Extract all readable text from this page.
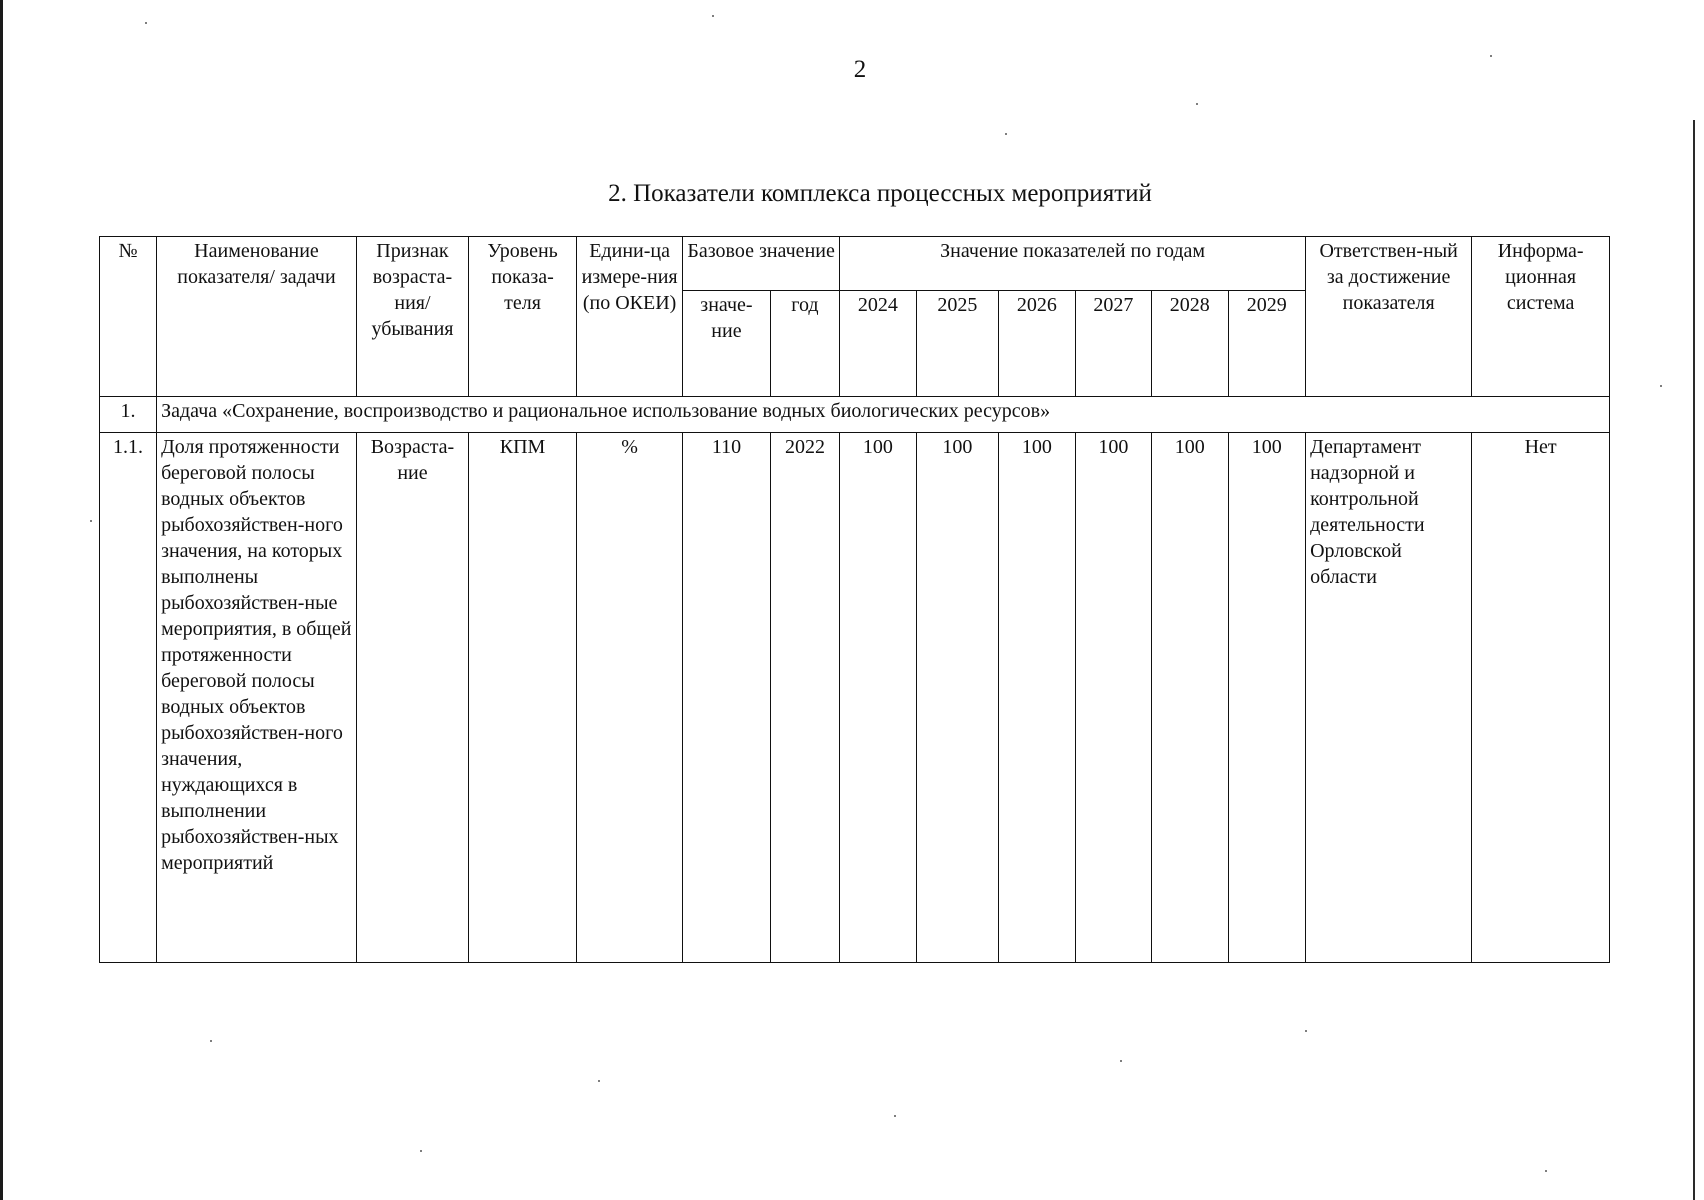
2
2. Показатели комплекса процессных мероприятий
№	Наименование показателя/ задачи	Признак возраста-ния/ убывания	Уровень показа-теля	Едини-ца измере-ния (по ОКЕИ)	Базовое значение		Значение показателей по годам						Ответствен-ный за достижение показателя	Информа-ционная система
					значе-ние	год	2024	2025	2026	2027	2028	2029		
1.	Задача «Сохранение, воспроизводство и рациональное использование водных биологических ресурсов»													
1.1.	Доля протяженности береговой полосы водных объектов рыбохозяйствен-ного значения, на которых выполнены рыбохозяйствен-ные мероприятия, в общей протяженности береговой полосы водных объектов рыбохозяйствен-ного значения, нуждающихся в выполнении рыбохозяйствен-ных мероприятий	Возраста-ние	КПМ	%	110	2022	100	100	100	100	100	100	Департамент надзорной и контрольной деятельности Орловской области	Нет
